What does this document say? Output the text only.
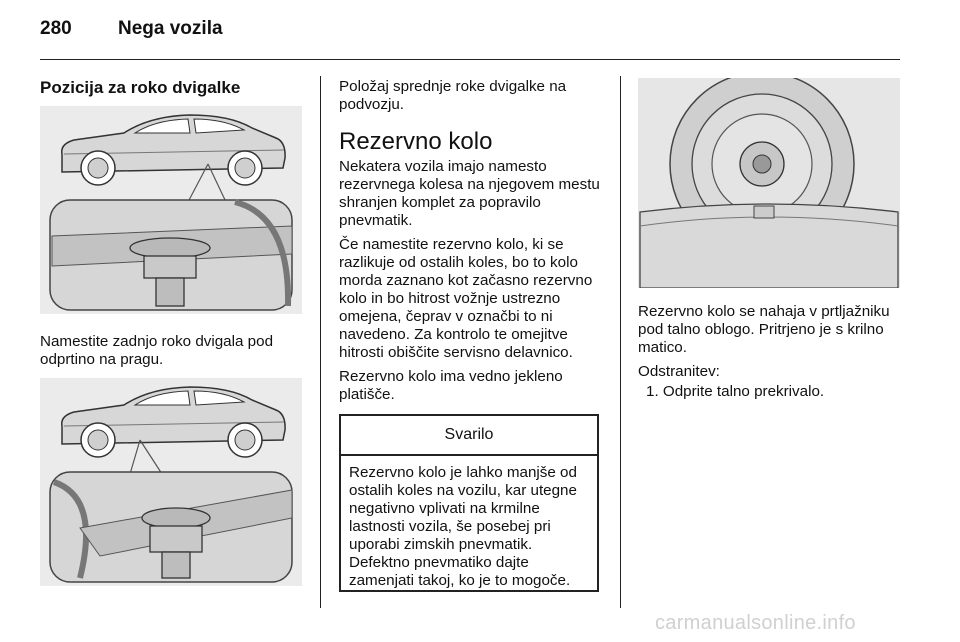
280 Nega vozila
Pozicija za roko dvigalke
Namestite zadnjo roko dvigala pod odprtino na pragu.

Položaj sprednje roke dvigalke na podvozju.

Rezervno kolo

Nekatera vozila imajo namesto rezervnega kolesa na njegovem mestu shranjen komplet za popravilo pnevmatik.

Če namestite rezervno kolo, ki se razlikuje od ostalih koles, bo to kolo morda zaznano kot začasno rezervno kolo in bo hitrost vožnje ustrezno omejena, čeprav v označbi to ni navedeno. Za kontrolo te omejitve hitrosti obiščite servisno delavnico.

Rezervno kolo ima vedno jekleno platišče.

Svarilo
Rezervno kolo je lahko manjše od ostalih koles na vozilu, kar utegne negativno vplivati na krmilne lastnosti vozila, še posebej pri uporabi zimskih pnevmatik. Defektno pnevmatiko dajte zamenjati takoj, ko je to mogoče.

Rezervno kolo se nahaja v prtljažniku pod talno oblogo. Pritrjeno je s krilno matico.

Odstranitev:

1. Odprite talno prekrivalo.

carmanualsonline.info
